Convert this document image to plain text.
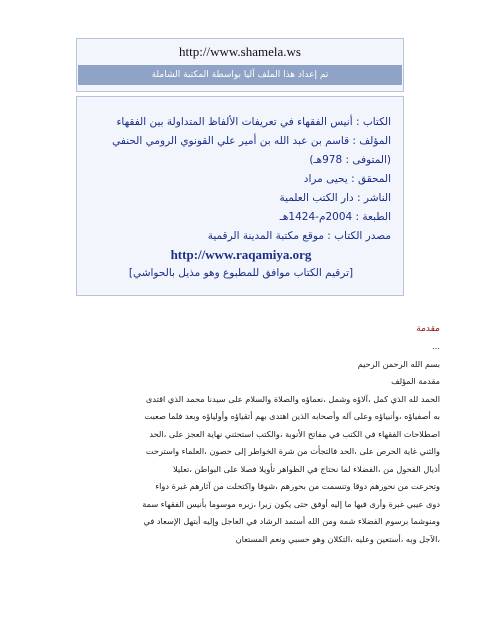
http://www.shamela.ws
تم إعداد هذا الملف آليا بواسطة المكتبة الشاملة
الكتاب : أنيس الفقهاء في تعريفات الألفاظ المتداولة بين الفقهاء
المؤلف : قاسم بن عبد الله بن أمير علي القونوي الرومي الحنفي
(المتوفى : 978هـ)
المحقق : يحيى مراد
الناشر : دار الكتب العلمية
الطبعة : 2004م-1424هـ
مصدر الكتاب : موقع مكتبة المدينة الرقمية
http://www.raqamiya.org
[ترقيم الكتاب موافق للمطبوع وهو مذيل بالحواشي]
مقدمة
...
بسم الله الرحمن الرحيم
مقدمة المؤلف
الحمد لله الذي كمل ،آلاؤه وشمل ،نعماؤه والصلاة والسلام على سيدنا محمد الذي اقتدى
به أصفياؤه ،وأنبياؤه وعلى آله وأصحابه الذين اهتدى بهم أتقياؤه وأولياؤه وبعد فلما صعبت
اصطلاحات الفقهاء في الكتب في مفاتح الأنوبة ،والكتب استحثني نهاية العجز على ،الحد
والثني غاية الحرص على ،الحد فالتجأت من شرة الخواطر إلى حصون ،العلماء واسترحت
أذيال الفحول من ،الفضلاء لما نحتاج في الظواهر تأويلا فصلا على البواطن ،تعليلا
وتحرعت من نحورهم دوقا وتنسمت من بحورهم ،شوقا واكتحلت من آثارهم غبرة دواء
دوى عيبي غبرة وأرى فيها ما إليه أوفق حتى يكون زبرا ،زبره موسوما بأنيس الفقهاء سمة
ومنوشما برسوم الفضلاء شمة ومن الله أستمد الرشاد في العاجل وإليه أبتهل الإسعاد في
،الآجل وبه ،أستعين وعليه ،التكلان وهو حسبي ونعم المستعان
